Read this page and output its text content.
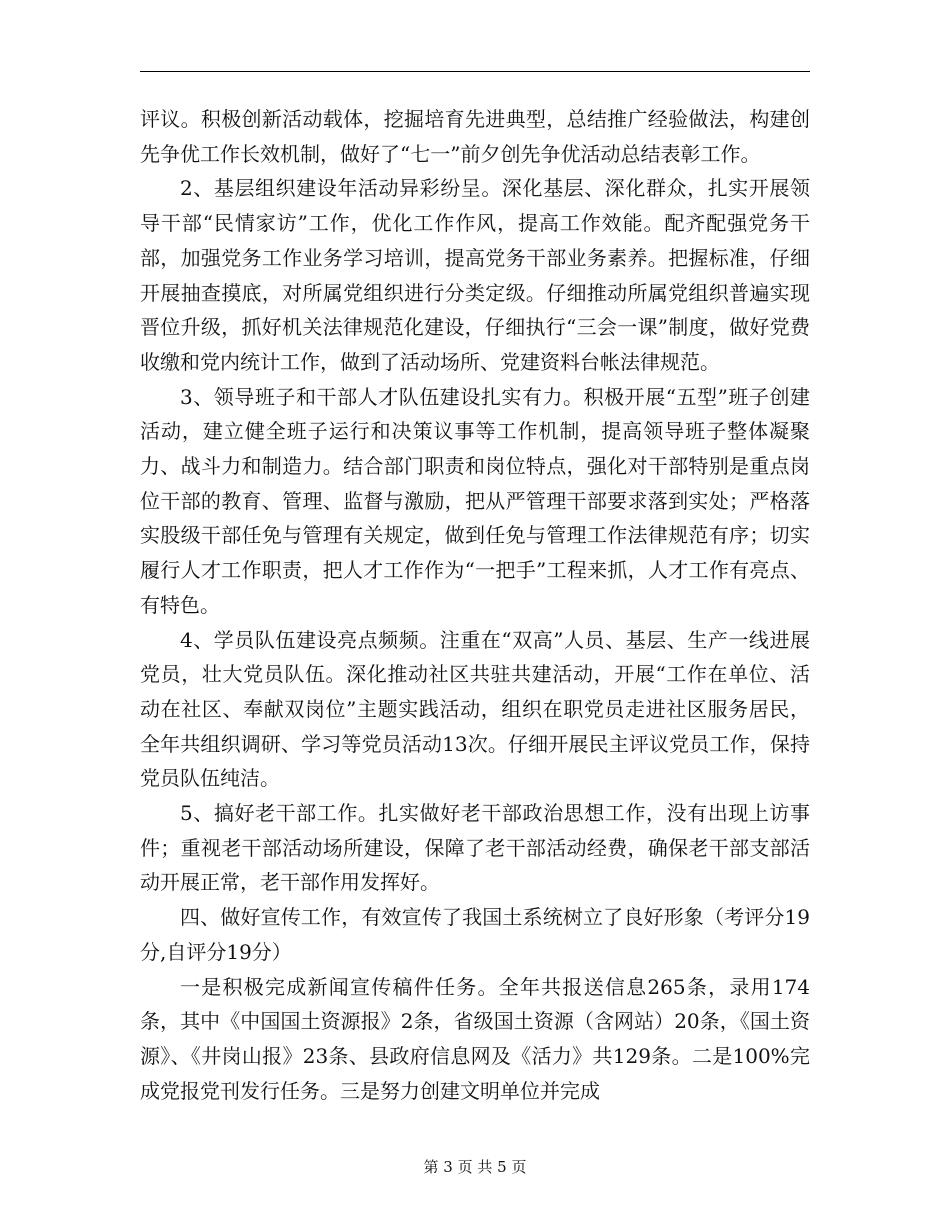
评议。积极创新活动载体，挖掘培育先进典型，总结推广经验做法，构建创先争优工作长效机制，做好了“七一”前夕创先争优活动总结表彰工作。

2、基层组织建设年活动异彩纷呈。深化基层、深化群众，扎实开展领导干部“民情家访”工作，优化工作作风，提高工作效能。配齐配强党务干部，加强党务工作业务学习培训，提高党务干部业务素养。把握标准，仔细开展抽查摸底，对所属党组织进行分类定级。仔细推动所属党组织普遍实现晋位升级，抓好机关法律规范化建设，仔细执行“三会一课”制度，做好党费收缴和党内统计工作，做到了活动场所、党建资料台帐法律规范。

3、领导班子和干部人才队伍建设扎实有力。积极开展“五型”班子创建活动，建立健全班子运行和决策议事等工作机制，提高领导班子整体凝聚力、战斗力和制造力。结合部门职责和岗位特点，强化对干部特别是重点岗位干部的教育、管理、监督与激励，把从严管理干部要求落到实处；严格落实股级干部任免与管理有关规定，做到任免与管理工作法律规范有序；切实履行人才工作职责，把人才工作作为“一把手”工程来抓，人才工作有亮点、有特色。

4、学员队伍建设亮点频频。注重在“双高”人员、基层、生产一线进展党员，壮大党员队伍。深化推动社区共驻共建活动，开展“工作在单位、活动在社区、奉献双岗位”主题实践活动，组织在职党员走进社区服务居民，全年共组织调研、学习等党员活动13次。仔细开展民主评议党员工作，保持党员队伍纯洁。

5、搞好老干部工作。扎实做好老干部政治思想工作，没有出现上访事件；重视老干部活动场所建设，保障了老干部活动经费，确保老干部支部活动开展正常，老干部作用发挥好。

四、做好宣传工作，有效宣传了我国土系统树立了良好形象（考评分19分,自评分19分）

一是积极完成新闻宣传稿件任务。全年共报送信息265条，录用174条，其中《中国国土资源报》2条，省级国土资源（含网站）20条，《国土资源》、《井岗山报》23条、县政府信息网及《活力》共129条。二是100%完成党报党刊发行任务。三是努力创建文明单位并完成

第 3 页 共 5 页
